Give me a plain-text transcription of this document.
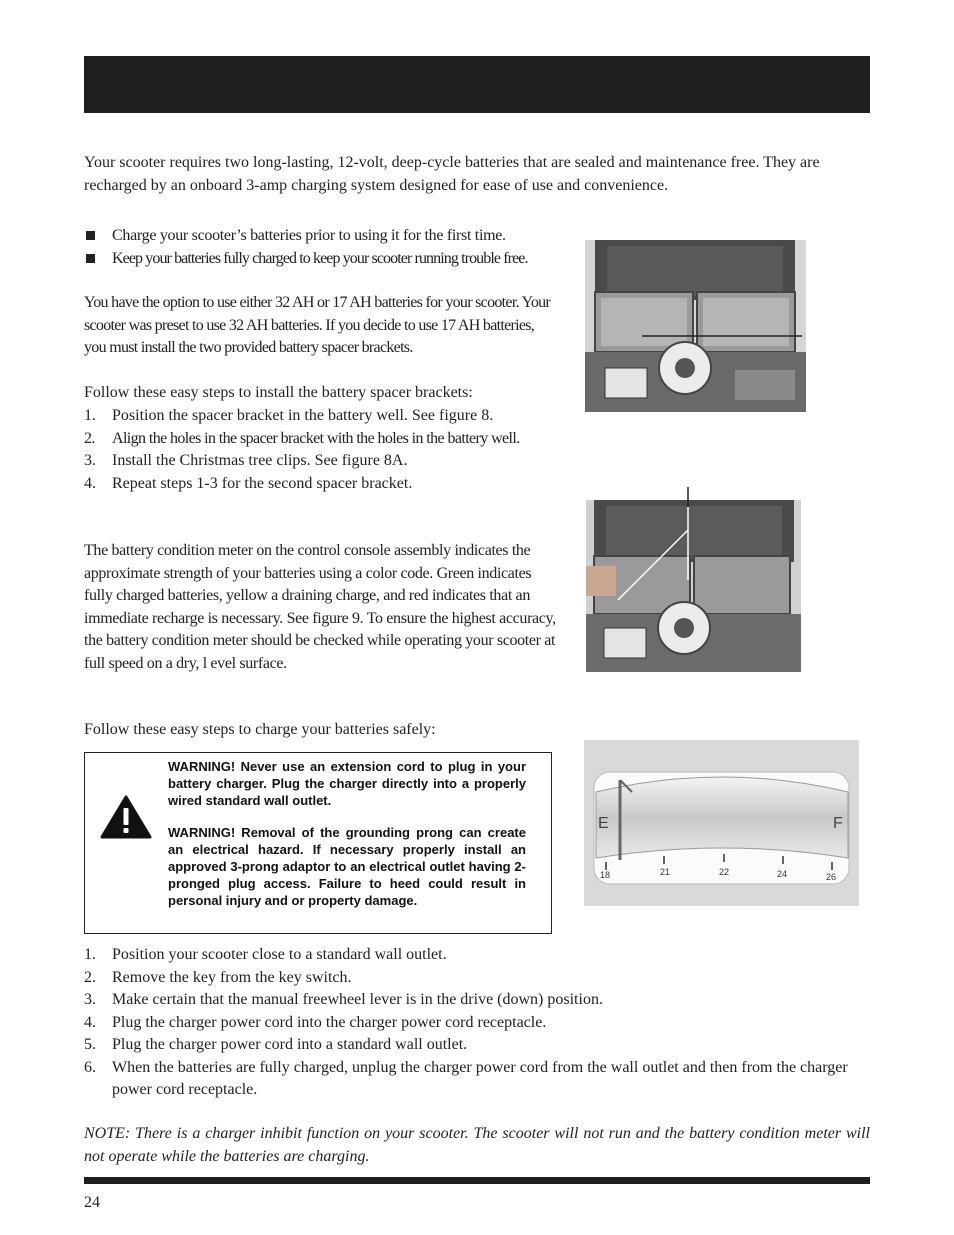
Your scooter requires two long-lasting, 12-volt, deep-cycle batteries that are sealed and maintenance free. They are recharged by an onboard 3-amp charging system designed for ease of use and convenience.
Charge your scooter’s batteries prior to using it for the first time.
Keep your batteries fully charged to keep your scooter running trouble free.
You have the option to use either 32 AH or 17 AH batteries for your scooter. Your scooter was preset to use 32 AH batteries. If you decide to use 17 AH batteries, you must install the two provided battery spacer brackets.
Follow these easy steps to install the battery spacer brackets:
1. Position the spacer bracket in the battery well. See figure 8.
2. Align the holes in the spacer bracket with the holes in the battery well.
3. Install the Christmas tree clips. See figure 8A.
4. Repeat steps 1-3 for the second spacer bracket.
The battery condition meter on the control console assembly indicates the approximate strength of your batteries using a color code. Green indicates fully charged batteries, yellow a draining charge, and red indicates that an immediate recharge is necessary. See figure 9. To ensure the highest accuracy, the battery condition meter should be checked while operating your scooter at full speed on a dry, l evel surface.
Follow these easy steps to charge your batteries safely:

WARNING! Never use an extension cord to plug in your battery charger. Plug the charger directly into a properly wired standard wall outlet.

WARNING! Removal of the grounding prong can create an electrical hazard. If necessary properly install an approved 3-prong adaptor to an electrical outlet having 2-pronged plug access. Failure to heed could result in personal injury and or property damage.

1. Position your scooter close to a standard wall outlet.
2. Remove the key from the key switch.
3. Make certain that the manual freewheel lever is in the drive (down) position.
4. Plug the charger power cord into the charger power cord receptacle.
5. Plug the charger power cord into a standard wall outlet.
6. When the batteries are fully charged, unplug the charger power cord from the wall outlet and then from the charger power cord receptacle.
NOTE: There is a charger inhibit function on your scooter. The scooter will not run and the battery condition meter will not operate while the batteries are charging.
E	F
18	21	22	24	26
24
